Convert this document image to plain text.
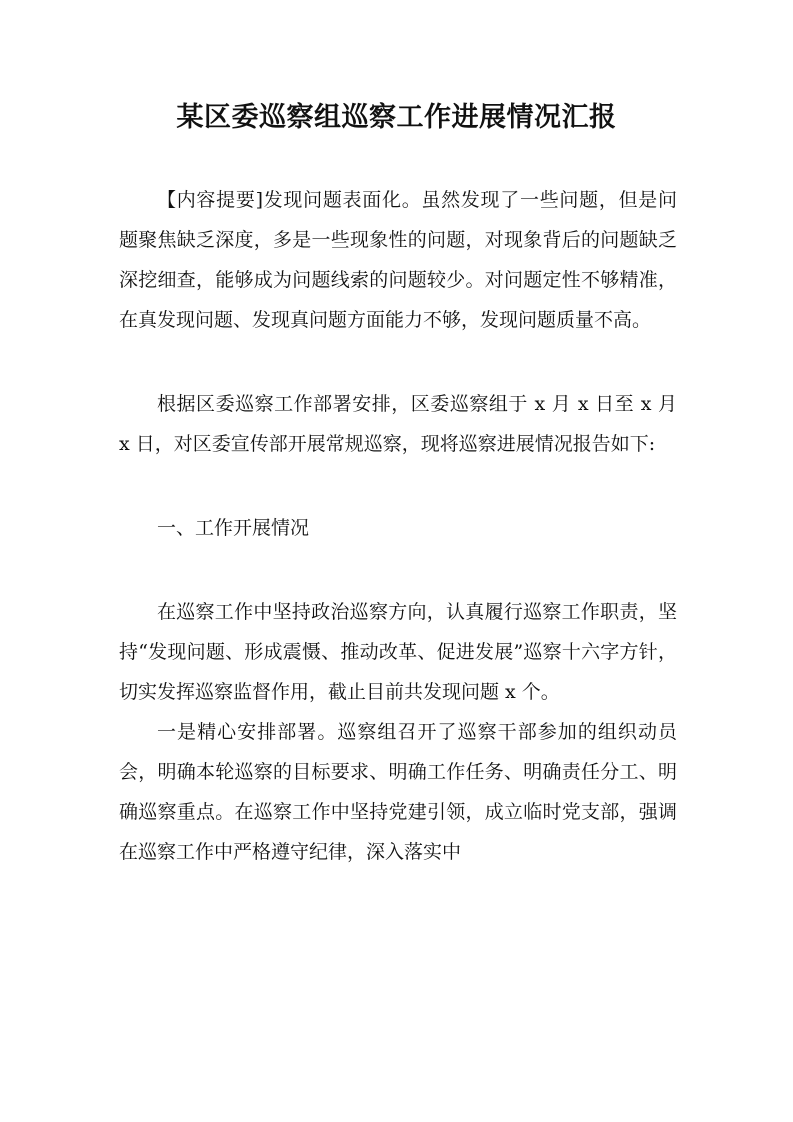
某区委巡察组巡察工作进展情况汇报

【内容提要]发现问题表面化。虽然发现了一些问题，但是问题聚焦缺乏深度，多是一些现象性的问题，对现象背后的问题缺乏深挖细查，能够成为问题线索的问题较少。对问题定性不够精准，在真发现问题、发现真问题方面能力不够，发现问题质量不高。

根据区委巡察工作部署安排，区委巡察组于 x 月 x 日至 x 月 x 日，对区委宣传部开展常规巡察，现将巡察进展情况报告如下:

一、工作开展情况

在巡察工作中坚持政治巡察方向，认真履行巡察工作职责，坚持“发现问题、形成震慑、推动改革、促进发展”巡察十六字方针，切实发挥巡察监督作用，截止目前共发现问题 x 个。

一是精心安排部署。巡察组召开了巡察干部参加的组织动员会，明确本轮巡察的目标要求、明确工作任务、明确责任分工、明确巡察重点。在巡察工作中坚持党建引领，成立临时党支部，强调在巡察工作中严格遵守纪律，深入落实中
